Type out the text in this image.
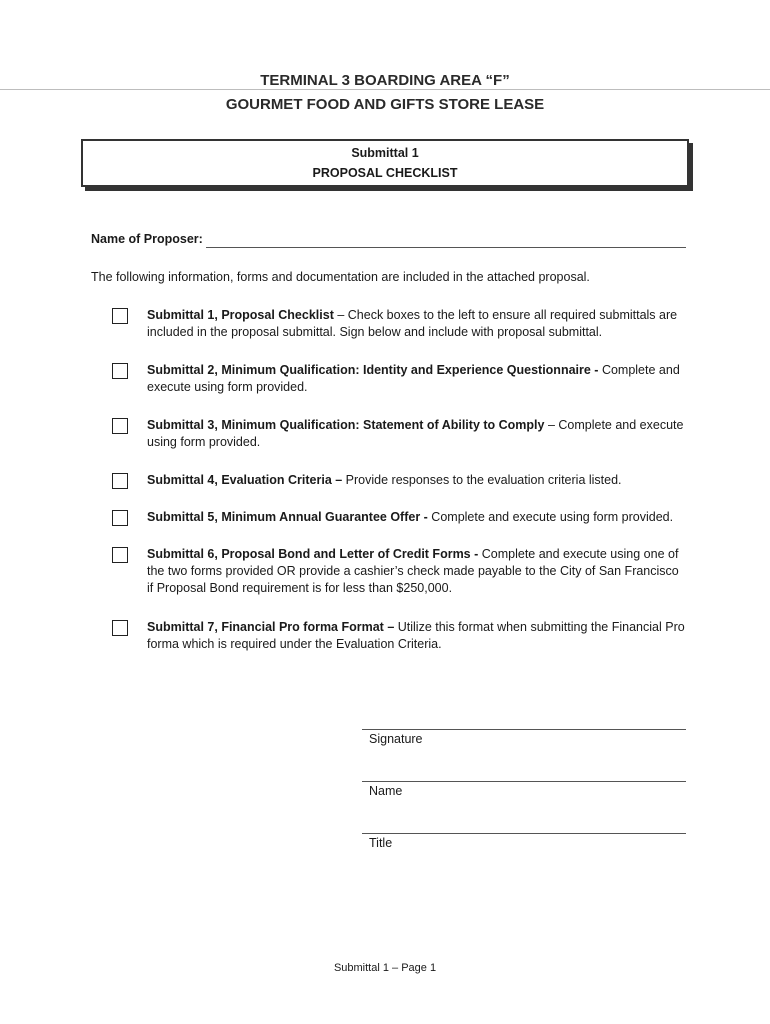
TERMINAL 3 BOARDING AREA “F”
GOURMET FOOD AND GIFTS STORE LEASE
Submittal 1
PROPOSAL CHECKLIST
Name of Proposer:
The following information, forms and documentation are included in the attached proposal.
Submittal 1, Proposal Checklist – Check boxes to the left to ensure all required submittals are included in the proposal submittal. Sign below and include with proposal submittal.
Submittal 2, Minimum Qualification: Identity and Experience Questionnaire - Complete and execute using form provided.
Submittal 3, Minimum Qualification: Statement of Ability to Comply – Complete and execute using form provided.
Submittal 4, Evaluation Criteria – Provide responses to the evaluation criteria listed.
Submittal 5, Minimum Annual Guarantee Offer - Complete and execute using form provided.
Submittal 6, Proposal Bond and Letter of Credit Forms - Complete and execute using one of the two forms provided OR provide a cashier’s check made payable to the City of San Francisco if Proposal Bond requirement is for less than $250,000.
Submittal 7, Financial Pro forma Format – Utilize this format when submitting the Financial Pro forma which is required under the Evaluation Criteria.
Signature
Name
Title
Submittal 1 – Page 1
